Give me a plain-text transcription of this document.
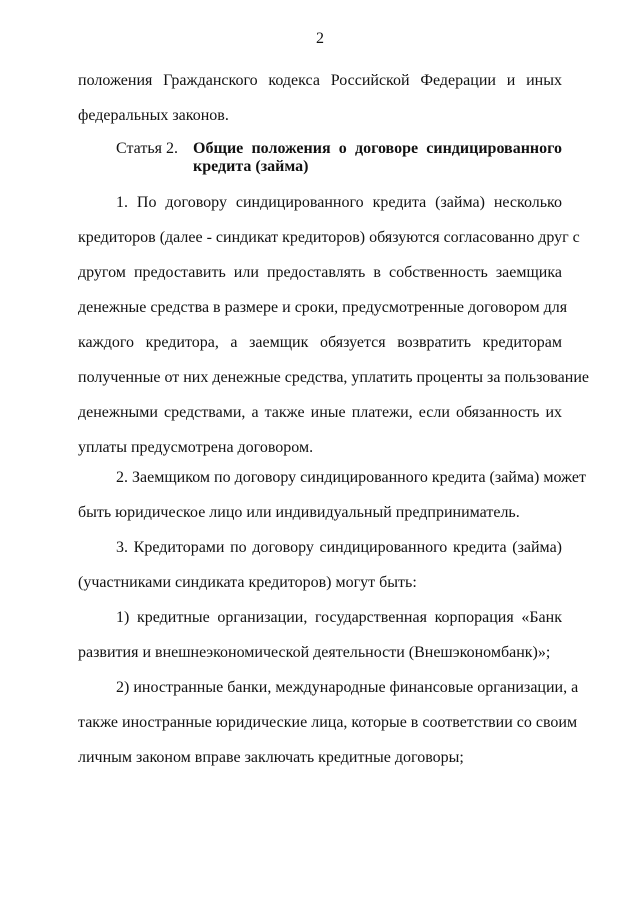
2
положения Гражданского кодекса Российской Федерации и иных
федеральных законов.
Статья 2. Общие положения о договоре синдицированного
кредита (займа)
1. По договору синдицированного кредита (займа) несколько
кредиторов (далее - синдикат кредиторов) обязуются согласованно друг с
другом предоставить или предоставлять в собственность заемщика
денежные средства в размере и сроки, предусмотренные договором для
каждого кредитора, а заемщик обязуется возвратить кредиторам
полученные от них денежные средства, уплатить проценты за пользование
денежными средствами, а также иные платежи, если обязанность их
уплаты предусмотрена договором.
2. Заемщиком по договору синдицированного кредита (займа) может
быть юридическое лицо или индивидуальный предприниматель.
3. Кредиторами по договору синдицированного кредита (займа)
(участниками синдиката кредиторов) могут быть:
1) кредитные организации, государственная корпорация «Банк
развития и внешнеэкономической деятельности (Внешэкономбанк)»;
2) иностранные банки, международные финансовые организации, а
также иностранные юридические лица, которые в соответствии со своим
личным законом вправе заключать кредитные договоры;
